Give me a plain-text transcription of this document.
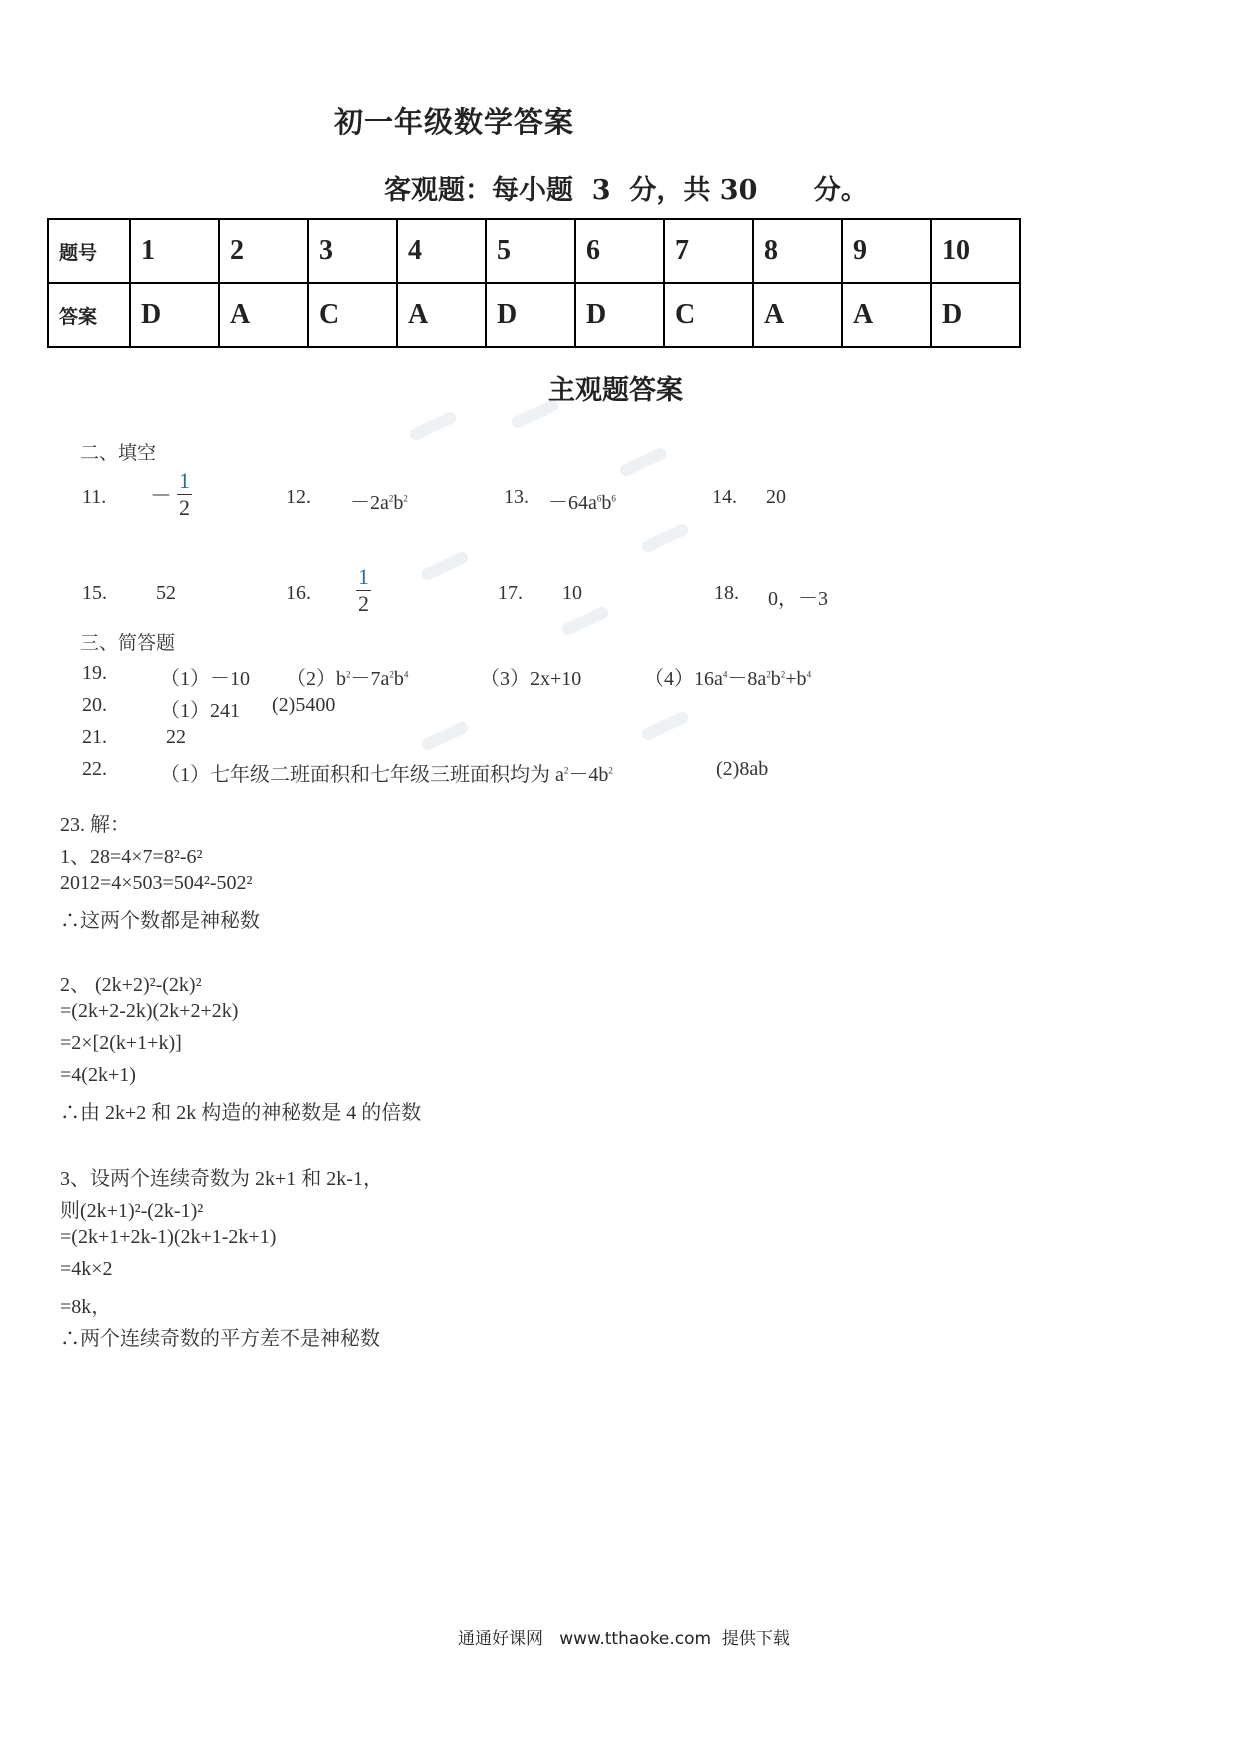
初一年级数学答案
客观题：每小题  3  分，共 30      分。
题号	1	2	3	4	5	6	7	8	9	10
答案	D	A	C	A	D	D	C	A	A	D
主观题答案
二、填空
11. － $\frac{1}{2}$	12. $-2a^2b^2$	13. $-64a^6b^6$	14. 20
15. 52	16. $\frac{1}{2}$	17. 10	18. 0，－3
三、简答题
19.	（1）－10 $(2)b^2-7a^2b^4$	（3）2x+10	$(4)16a^4-8a^2b^2+b^4$
20.	（1）241 (2)5400
21.	22
22.	（1）七年级二班面积和七年级三班面积均为 $a^2-4b^2$	(2)8ab
23. 解：
1、28=4×7=8²-6²
2012=4×503=504²-502²
∴这两个数都是神秘数
2、 (2k+2)²-(2k)²
=(2k+2-2k)(2k+2+2k)
=2×[2(k+1+k)]
=4(2k+1)
∴由 2k+2 和 2k 构造的神秘数是 4 的倍数
3、设两个连续奇数为 2k+1 和 2k-1，
则(2k+1)²-(2k-1)²
=(2k+1+2k-1)(2k+1-2k+1)
=4k×2
=8k，
∴两个连续奇数的平方差不是神秘数
通通好课网   www.tthaoke.com  提供下载
